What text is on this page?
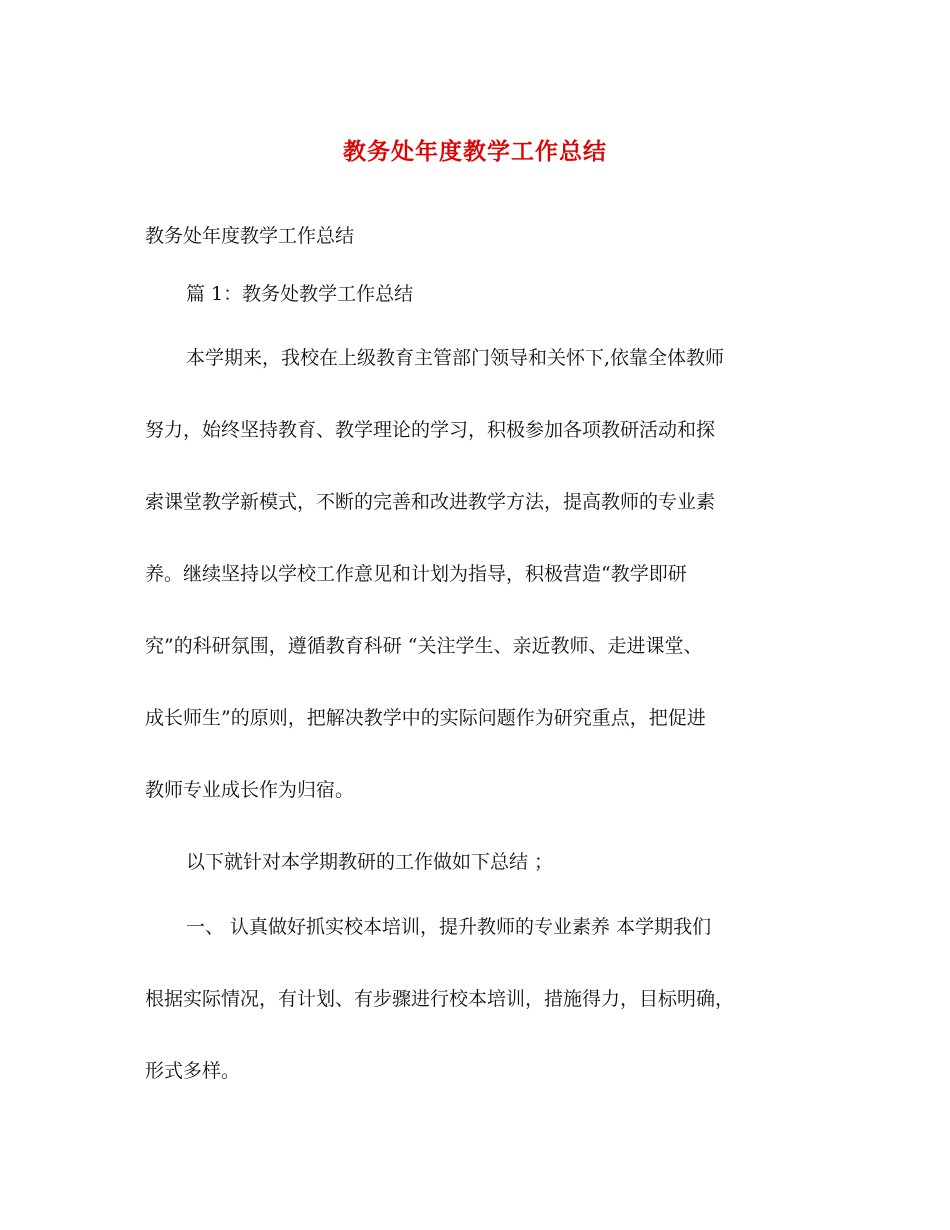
教务处年度教学工作总结
教务处年度教学工作总结
篇 1：教务处教学工作总结
本学期来，我校在上级教育主管部门领导和关怀下,依靠全体教师
努力，始终坚持教育、教学理论的学习，积极参加各项教研活动和探
索课堂教学新模式，不断的完善和改进教学方法，提高教师的专业素
养。继续坚持以学校工作意见和计划为指导，积极营造“教学即研
究”的科研氛围，遵循教育科研 “关注学生、亲近教师、走进课堂、
成长师生”的原则，把解决教学中的实际问题作为研究重点，把促进
教师专业成长作为归宿。
以下就针对本学期教研的工作做如下总结 ；
一、 认真做好抓实校本培训，提升教师的专业素养 本学期我们
根据实际情况，有计划、有步骤进行校本培训，措施得力，目标明确，
形式多样。
